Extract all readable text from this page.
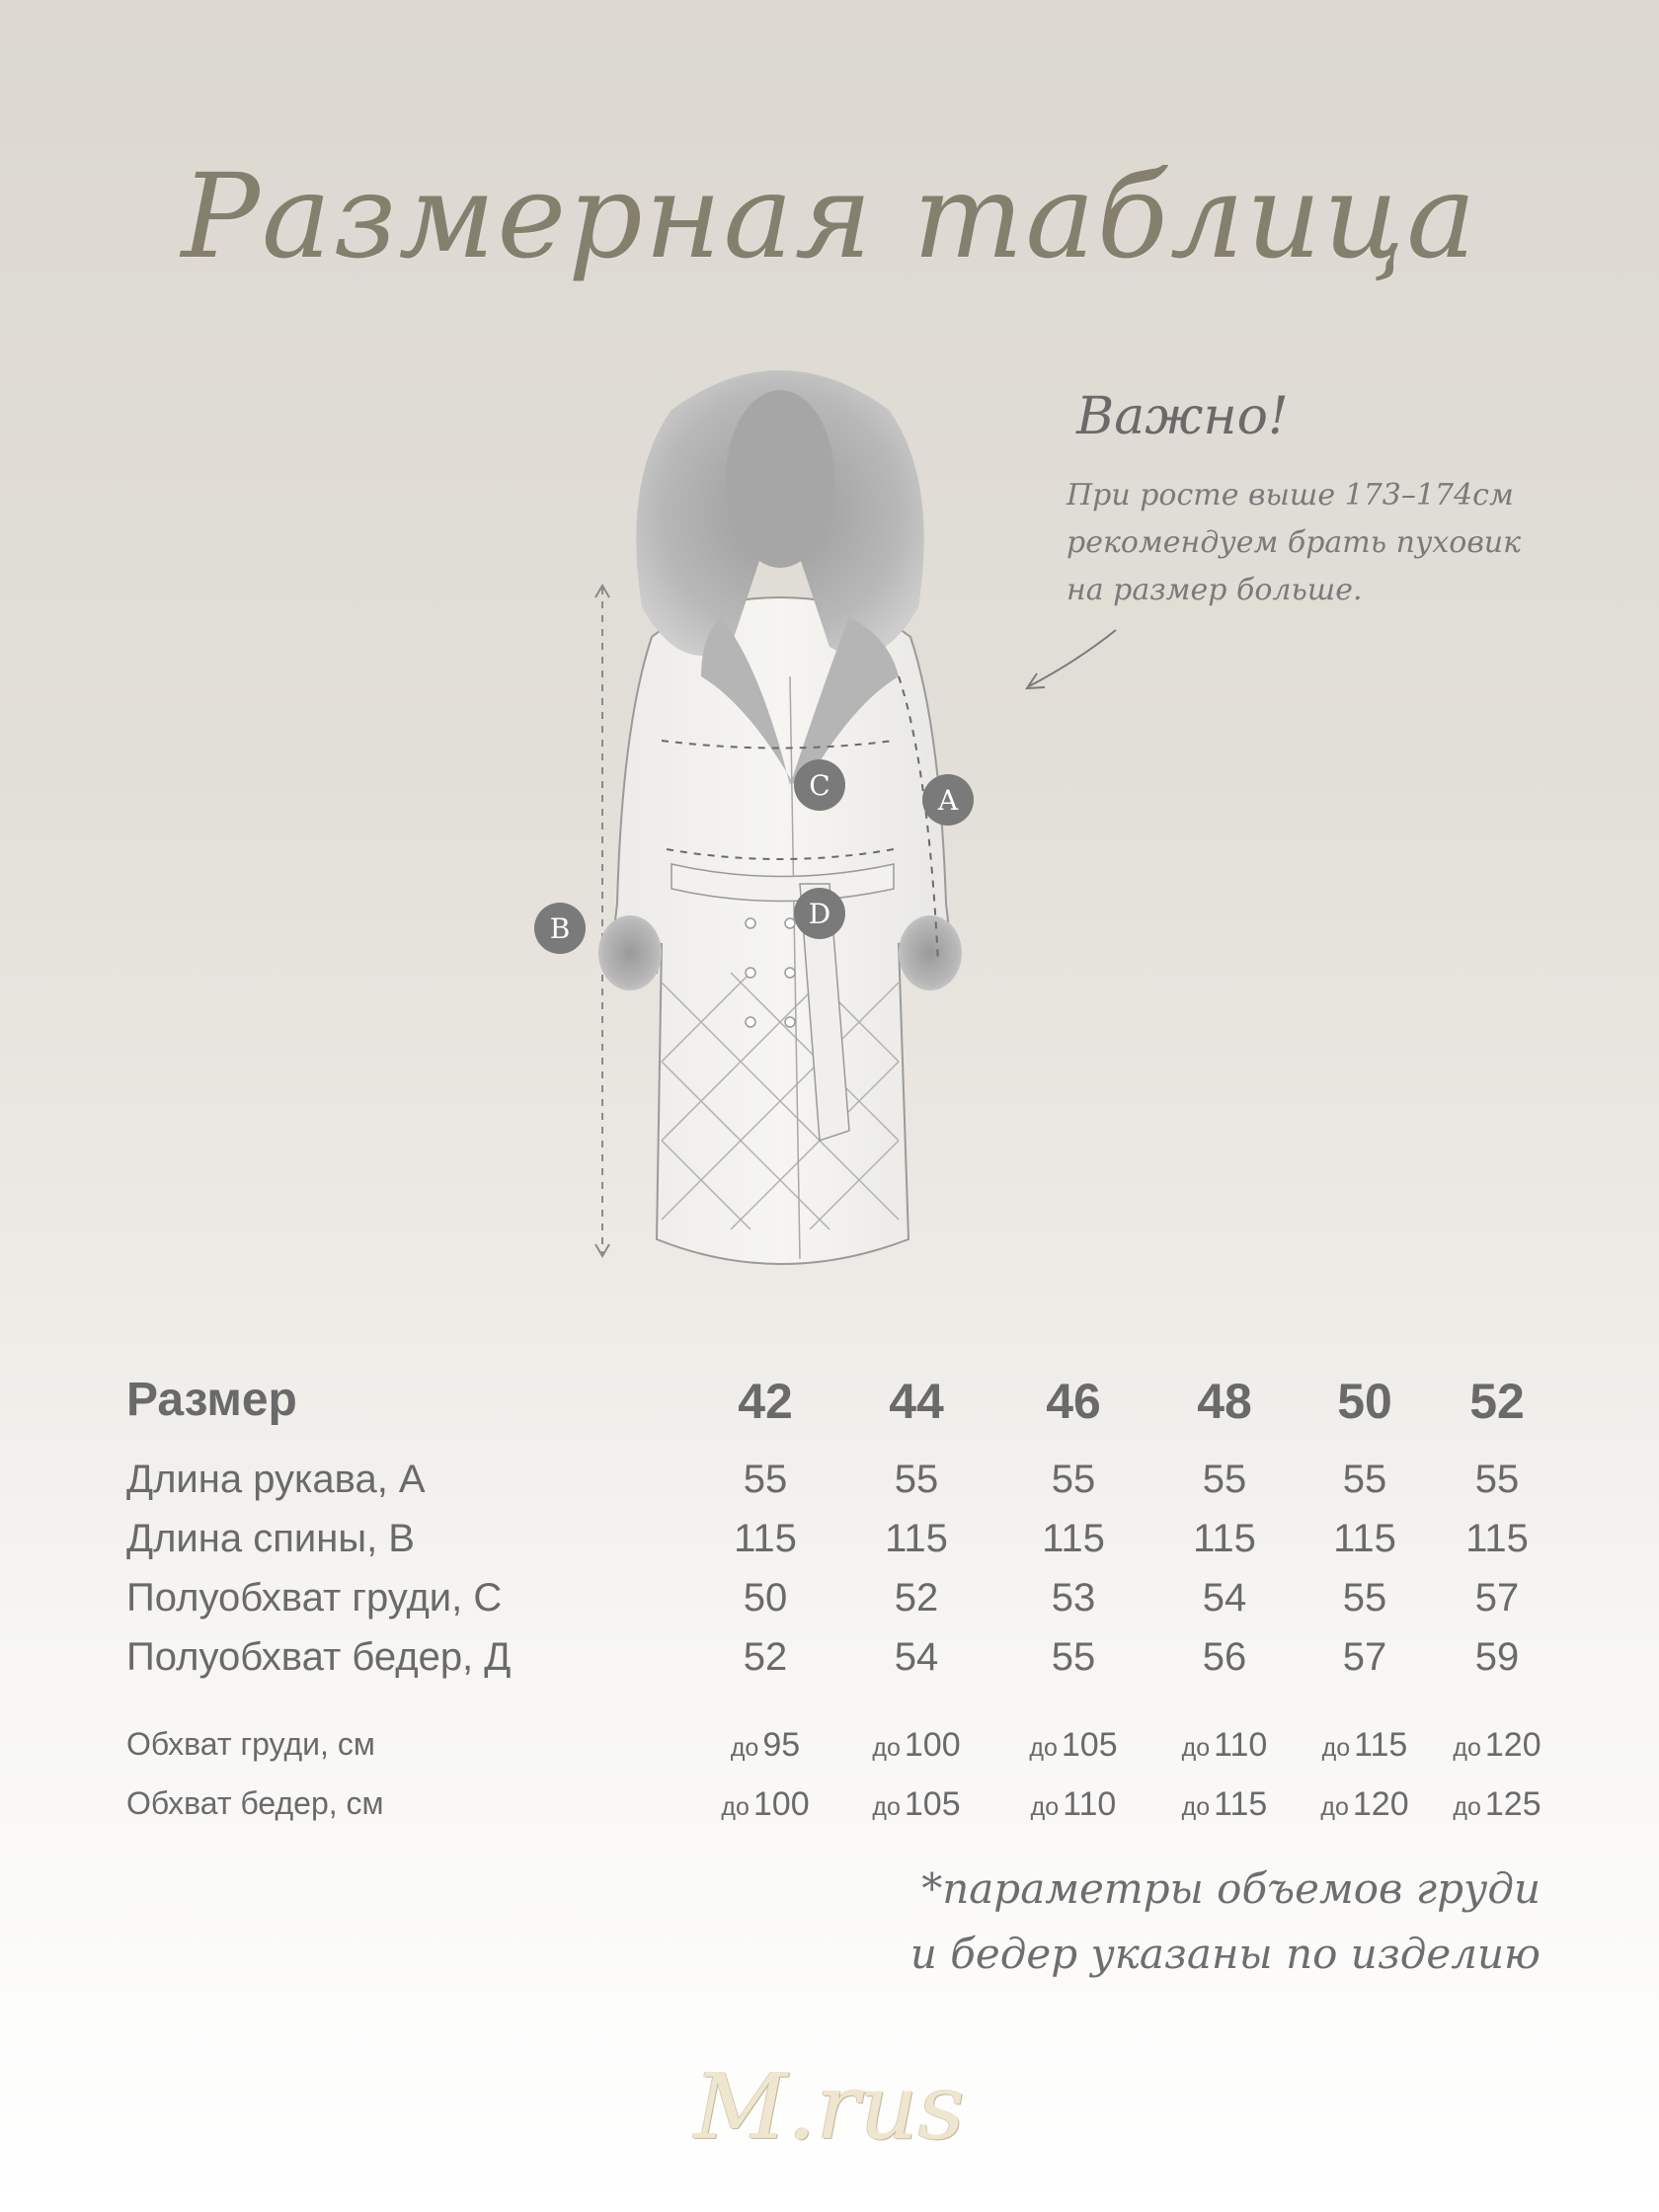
Размерная таблица
C	A
D
B
Важно!
При росте выше 173–174см
рекомендуем брать пуховик
на размер больше.
Размер	42	44	46	48	50	52
Длина рукава, А	55	55	55	55	55	55
Длина спины, В	115	115	115	115	115	115
Полуобхват груди, С	50	52	53	54	55	57
Полуобхват бедер, Д	52	54	55	56	57	59
Обхват груди, см	до 95	до 100	до 105	до 110	до 115	до 120
Обхват бедер, см	до 100	до 105	до 110	до 115	до 120	до 125
*параметры объемов груди
и бедер указаны по изделию
M.rus
